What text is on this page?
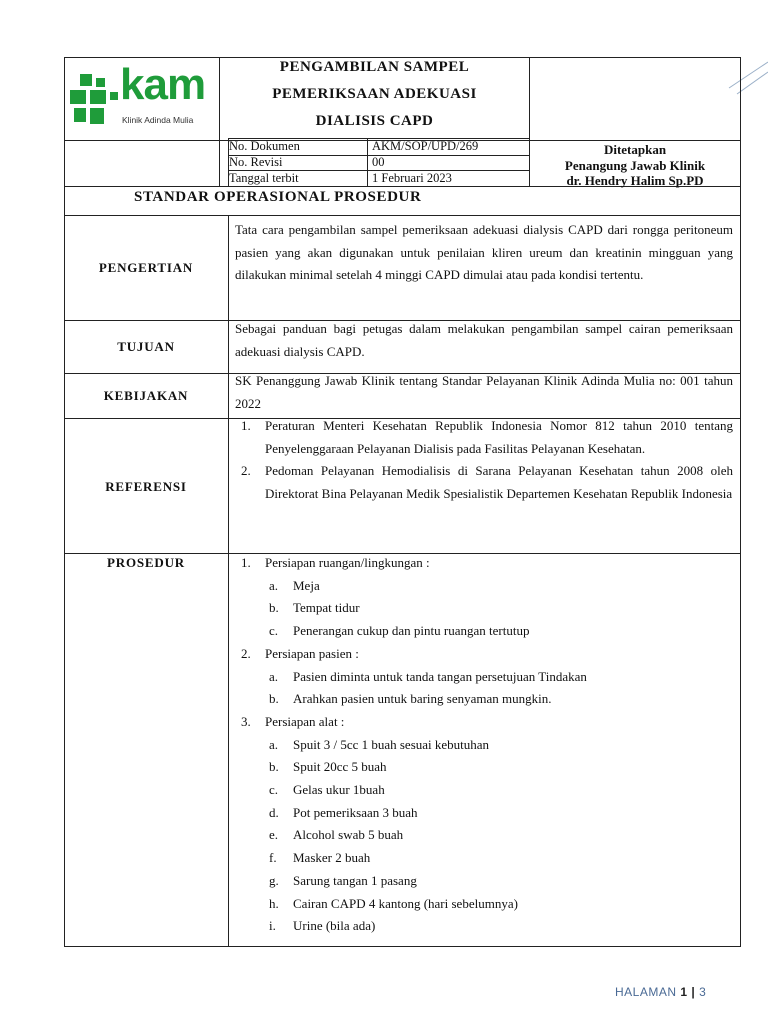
kam
Klinik Adinda Mulia
PENGAMBILAN SAMPEL
PEMERIKSAAN ADEKUASI
DIALISIS CAPD
No. Dokumen	AKM/SOP/UPD/269
No. Revisi	00
Tanggal terbit	1 Februari 2023
Ditetapkan
Penangung Jawab Klinik
dr. Hendry Halim Sp.PD
STANDAR OPERASIONAL PROSEDUR
PENGERTIAN
Tata cara pengambilan sampel pemeriksaan adekuasi dialysis CAPD dari rongga peritoneum pasien yang akan digunakan untuk penilaian kliren ureum dan kreatinin mingguan yang dilakukan minimal setelah 4 minggi CAPD dimulai atau pada kondisi tertentu.
TUJUAN
Sebagai panduan bagi petugas dalam melakukan pengambilan sampel cairan pemeriksaan adekuasi dialysis CAPD.
KEBIJAKAN
SK Penanggung Jawab Klinik tentang Standar Pelayanan Klinik Adinda Mulia no: 001 tahun 2022
REFERENSI
1. Peraturan Menteri Kesehatan Republik Indonesia Nomor 812 tahun 2010 tentang Penyelenggaraan Pelayanan Dialisis pada Fasilitas Pelayanan Kesehatan.
2. Pedoman Pelayanan Hemodialisis di Sarana Pelayanan Kesehatan tahun 2008 oleh Direktorat Bina Pelayanan Medik Spesialistik Departemen Kesehatan Republik Indonesia
PROSEDUR	1. Persiapan ruangan/lingkungan :
a. Meja
b. Tempat tidur
c. Penerangan cukup dan pintu ruangan tertutup
2. Persiapan pasien :
a. Pasien diminta untuk tanda tangan persetujuan Tindakan
b. Arahkan pasien untuk baring senyaman mungkin.
3. Persiapan alat :
a. Spuit 3 / 5cc 1 buah sesuai kebutuhan
b. Spuit 20cc 5 buah
c. Gelas ukur 1buah
d. Pot pemeriksaan 3 buah
e. Alcohol swab 5 buah
f. Masker 2 buah
g. Sarung tangan 1 pasang
h. Cairan CAPD 4 kantong (hari sebelumnya)
i. Urine (bila ada)
HALAMAN 1 | 3
